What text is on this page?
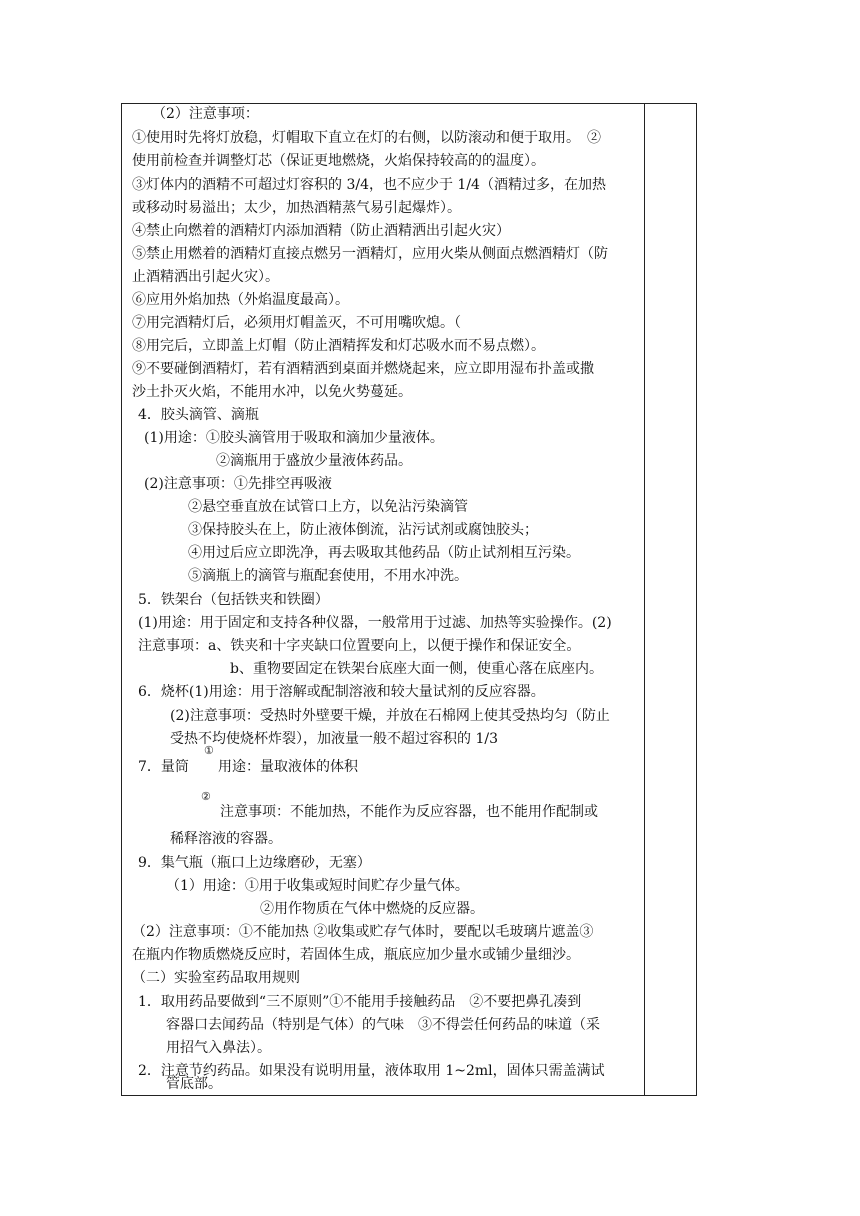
（2）注意事项：
①使用时先将灯放稳，灯帽取下直立在灯的右侧，以防滚动和便于取用。　②
使用前检查并调整灯芯（保证更地燃烧，火焰保持较高的的温度）。
③灯体内的酒精不可超过灯容积的 3/4，也不应少于 1/4（酒精过多，在加热
或移动时易溢出；太少，加热酒精蒸气易引起爆炸）。
④禁止向燃着的酒精灯内添加酒精（防止酒精洒出引起火灾）
⑤禁止用燃着的酒精灯直接点燃另一酒精灯，应用火柴从侧面点燃酒精灯（防
止酒精洒出引起火灾）。
⑥应用外焰加热（外焰温度最高）。
⑦用完酒精灯后，必须用灯帽盖灭，不可用嘴吹熄。（
⑧用完后，立即盖上灯帽（防止酒精挥发和灯芯吸水而不易点燃）。
⑨不要碰倒酒精灯，若有酒精洒到桌面并燃烧起来，应立即用湿布扑盖或撒
沙土扑灭火焰，不能用水冲，以免火势蔓延。
4．胶头滴管、滴瓶
(1)用途：①胶头滴管用于吸取和滴加少量液体。
②滴瓶用于盛放少量液体药品。
(2)注意事项：①先排空再吸液
②悬空垂直放在试管口上方，以免沾污染滴管
③保持胶头在上，防止液体倒流，沾污试剂或腐蚀胶头；
④用过后应立即洗净，再去吸取其他药品（防止试剂相互污染。
⑤滴瓶上的滴管与瓶配套使用，不用水冲洗。
5．铁架台（包括铁夹和铁圈）
(1)用途：用于固定和支持各种仪器，一般常用于过滤、加热等实验操作。(2)
注意事项：a、铁夹和十字夹缺口位置要向上，以便于操作和保证安全。
b、重物要固定在铁架台底座大面一侧，使重心落在底座内。
6．烧杯(1)用途：用于溶解或配制溶液和较大量试剂的反应容器。
(2)注意事项：受热时外壁要干燥，并放在石棉网上使其受热均匀（防止
受热不均使烧杯炸裂），加液量一般不超过容积的 1/3
7．量筒
①
用途：量取液体的体积
②
注意事项：不能加热，不能作为反应容器，也不能用作配制或
稀释溶液的容器。
9．集气瓶（瓶口上边缘磨砂，无塞）
（1）用途：①用于收集或短时间贮存少量气体。
②用作物质在气体中燃烧的反应器。
（2）注意事项：①不能加热 ②收集或贮存气体时，要配以毛玻璃片遮盖③
在瓶内作物质燃烧反应时，若固体生成，瓶底应加少量水或铺少量细沙。
（二）实验室药品取用规则
1．取用药品要做到“三不原则”①不能用手接触药品　②不要把鼻孔凑到
容器口去闻药品（特别是气体）的气味　③不得尝任何药品的味道（采
用招气入鼻法）。
2．注意节约药品。如果没有说明用量，液体取用 1~2ml，固体只需盖满试
管底部。
